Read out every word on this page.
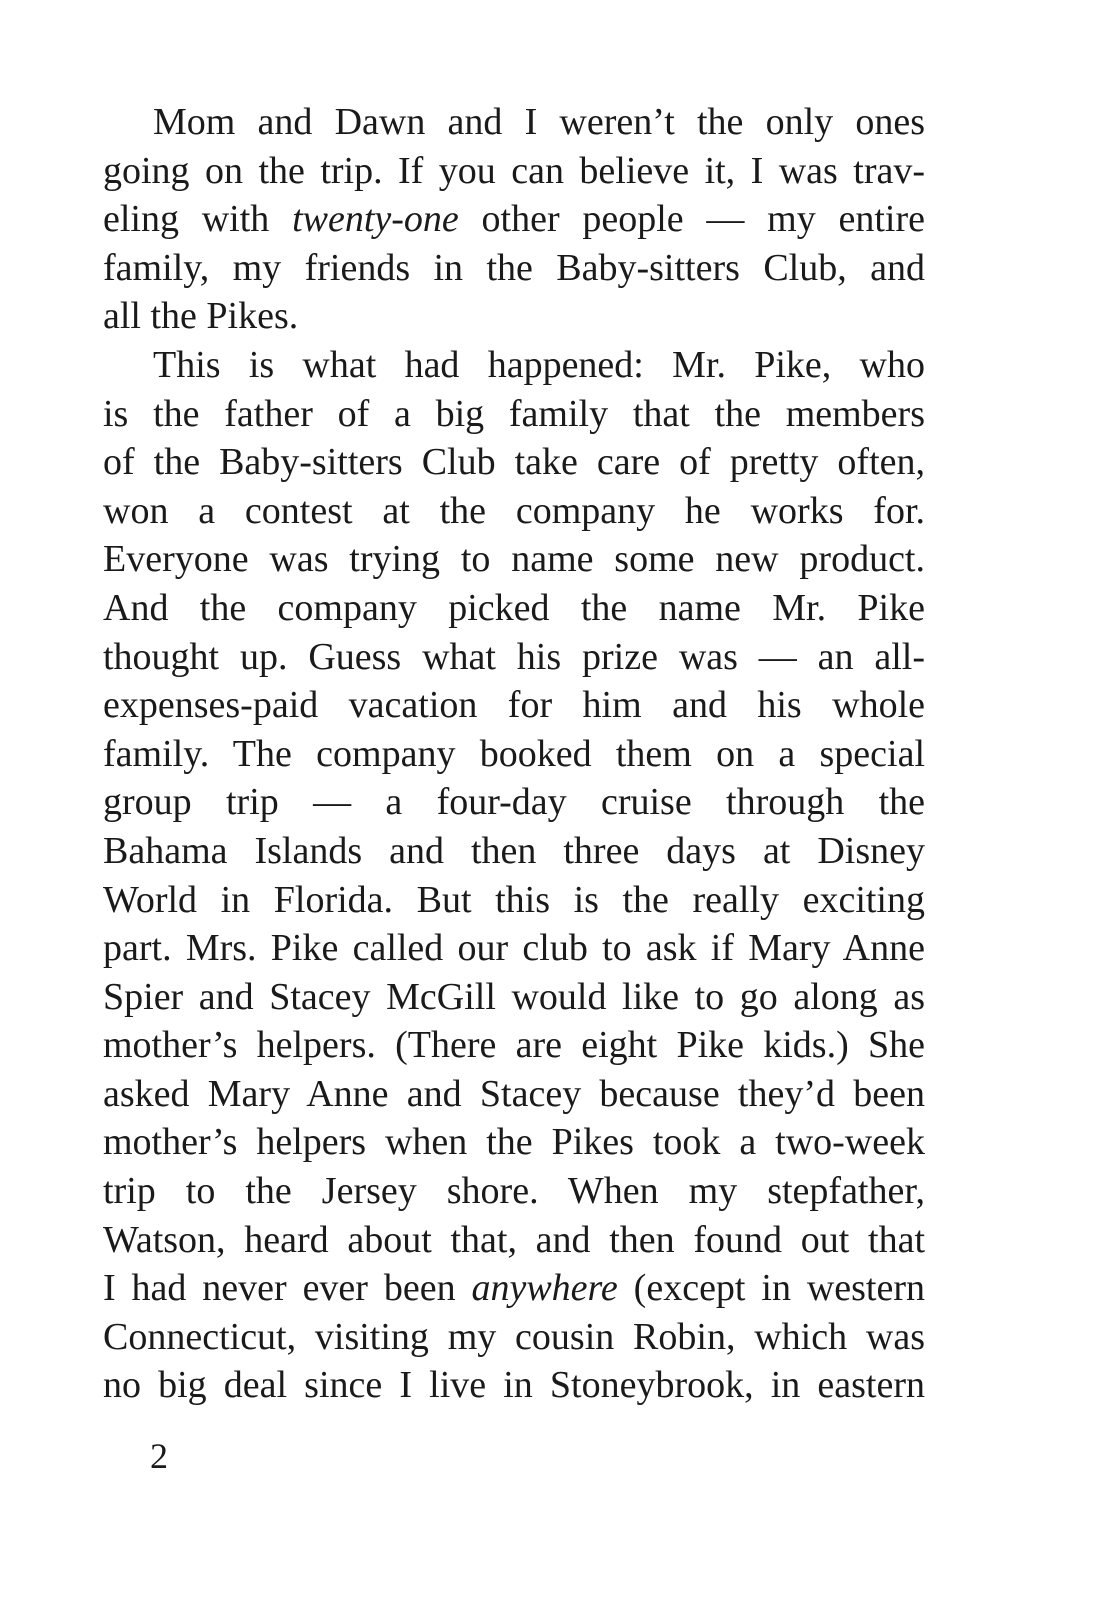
Mom and Dawn and I weren’t the only ones
going on the trip. If you can believe it, I was trav-
eling with twenty-one other people — my entire
family, my friends in the Baby-sitters Club, and
all the Pikes.
This is what had happened: Mr. Pike, who
is the father of a big family that the members
of the Baby-sitters Club take care of pretty often,
won a contest at the company he works for.
Everyone was trying to name some new product.
And the company picked the name Mr. Pike
thought up. Guess what his prize was — an all-
expenses-paid vacation for him and his whole
family. The company booked them on a special
group trip — a four-day cruise through the
Bahama Islands and then three days at Disney
World in Florida. But this is the really exciting
part. Mrs. Pike called our club to ask if Mary Anne
Spier and Stacey McGill would like to go along as
mother’s helpers. (There are eight Pike kids.) She
asked Mary Anne and Stacey because they’d been
mother’s helpers when the Pikes took a two-week
trip to the Jersey shore. When my stepfather,
Watson, heard about that, and then found out that
I had never ever been anywhere (except in western
Connecticut, visiting my cousin Robin, which was
no big deal since I live in Stoneybrook, in eastern
2
